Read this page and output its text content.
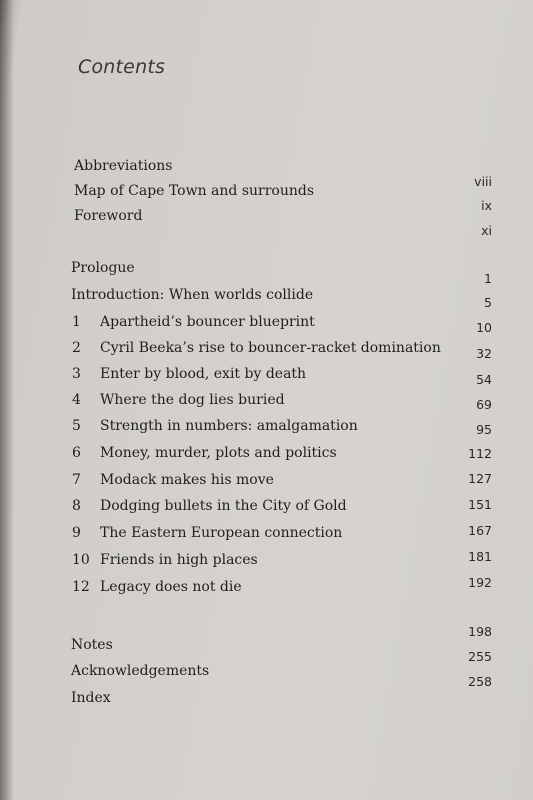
Contents
Abbreviations
Map of Cape Town and surrounds
Foreword
Prologue
Introduction: When worlds collide
1 Apartheid’s bouncer blueprint
2 Cyril Beeka’s rise to bouncer-racket domination
3 Enter by blood, exit by death
4 Where the dog lies buried
5 Strength in numbers: amalgamation
6 Money, murder, plots and politics
7 Modack makes his move
8 Dodging bullets in the City of Gold
9 The Eastern European connection
10 Friends in high places
12 Legacy does not die
Notes
Acknowledgements
Index
viii
ix
xi
1
5
10
32
54
69
95
112
127
151
167
181
192
198
255
258
